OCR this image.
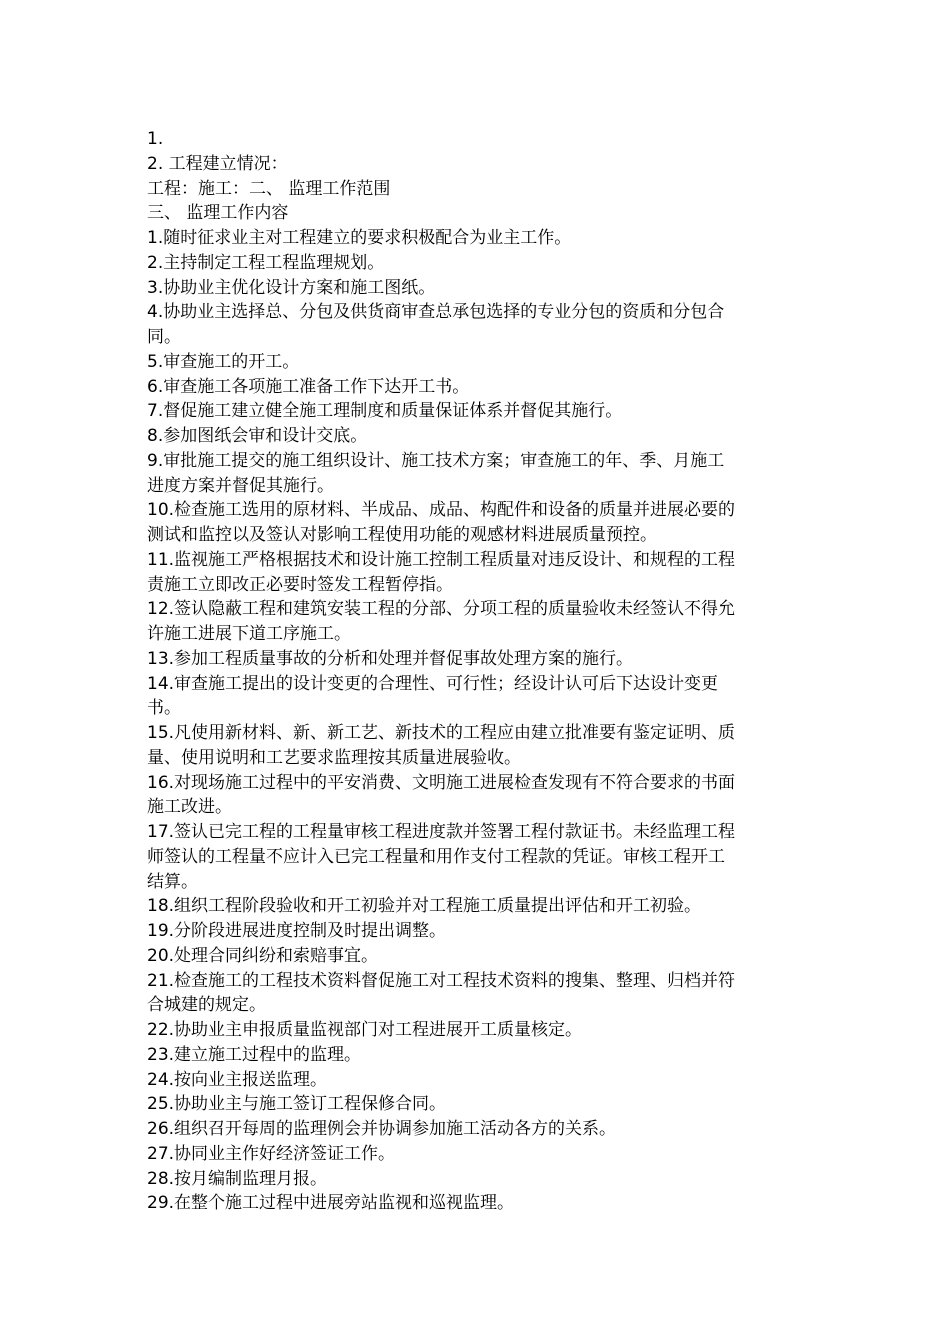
1.
2. 工程建立情况：
工程：施工：二、 监理工作范围
三、 监理工作内容
1.随时征求业主对工程建立的要求积极配合为业主工作。
2.主持制定工程工程监理规划。
3.协助业主优化设计方案和施工图纸。
4.协助业主选择总、分包及供货商审查总承包选择的专业分包的资质和分包合
同。
5.审查施工的开工。
6.审查施工各项施工准备工作下达开工书。
7.督促施工建立健全施工理制度和质量保证体系并督促其施行。
8.参加图纸会审和设计交底。
9.审批施工提交的施工组织设计、施工技术方案；审查施工的年、季、月施工
进度方案并督促其施行。
10.检查施工选用的原材料、半成品、成品、构配件和设备的质量并进展必要的
测试和监控以及签认对影响工程使用功能的观感材料进展质量预控。
11.监视施工严格根据技术和设计施工控制工程质量对违反设计、和规程的工程
责施工立即改正必要时签发工程暂停指。
12.签认隐蔽工程和建筑安装工程的分部、分项工程的质量验收未经签认不得允
许施工进展下道工序施工。
13.参加工程质量事故的分析和处理并督促事故处理方案的施行。
14.审查施工提出的设计变更的合理性、可行性；经设计认可后下达设计变更
书。
15.凡使用新材料、新、新工艺、新技术的工程应由建立批准要有鉴定证明、质
量、使用说明和工艺要求监理按其质量进展验收。
16.对现场施工过程中的平安消费、文明施工进展检查发现有不符合要求的书面
施工改进。
17.签认已完工程的工程量审核工程进度款并签署工程付款证书。未经监理工程
师签认的工程量不应计入已完工程量和用作支付工程款的凭证。审核工程开工
结算。
18.组织工程阶段验收和开工初验并对工程施工质量提出评估和开工初验。
19.分阶段进展进度控制及时提出调整。
20.处理合同纠纷和索赔事宜。
21.检查施工的工程技术资料督促施工对工程技术资料的搜集、整理、归档并符
合城建的规定。
22.协助业主申报质量监视部门对工程进展开工质量核定。
23.建立施工过程中的监理。
24.按向业主报送监理。
25.协助业主与施工签订工程保修合同。
26.组织召开每周的监理例会并协调参加施工活动各方的关系。
27.协同业主作好经济签证工作。
28.按月编制监理月报。
29.在整个施工过程中进展旁站监视和巡视监理。
